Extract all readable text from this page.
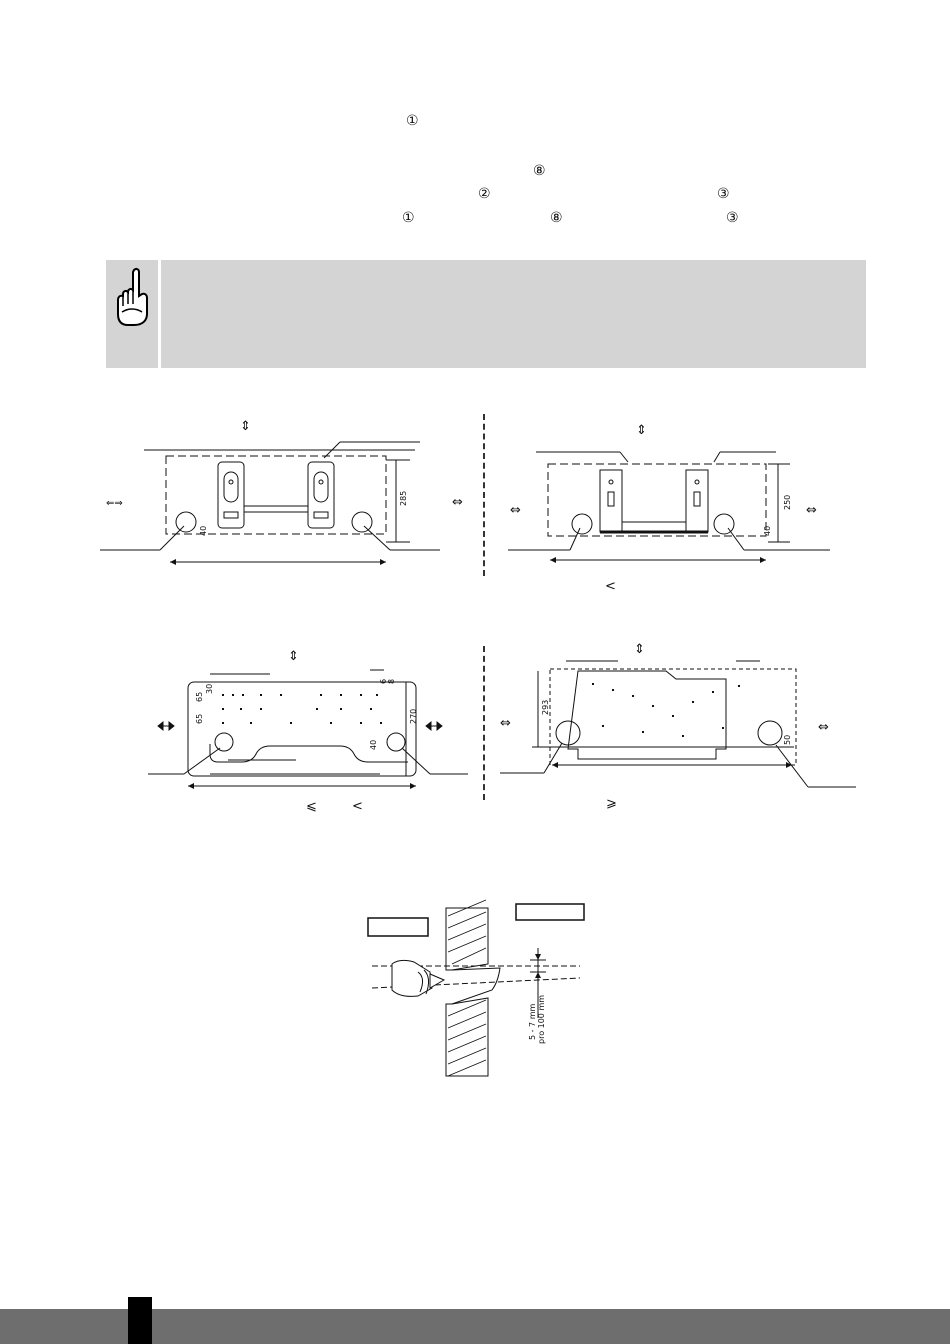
①
⑧
②	③
①	⑧	③
⇕
⇐⇒	⇔
285
40
⇕
⇔	⇔
250
40
<
⇕
270
40
65
65
30
6 8
⩽	<
⇕
⇔	⇔
293
50
⩾
5 - 7 mm pro 100 mm
